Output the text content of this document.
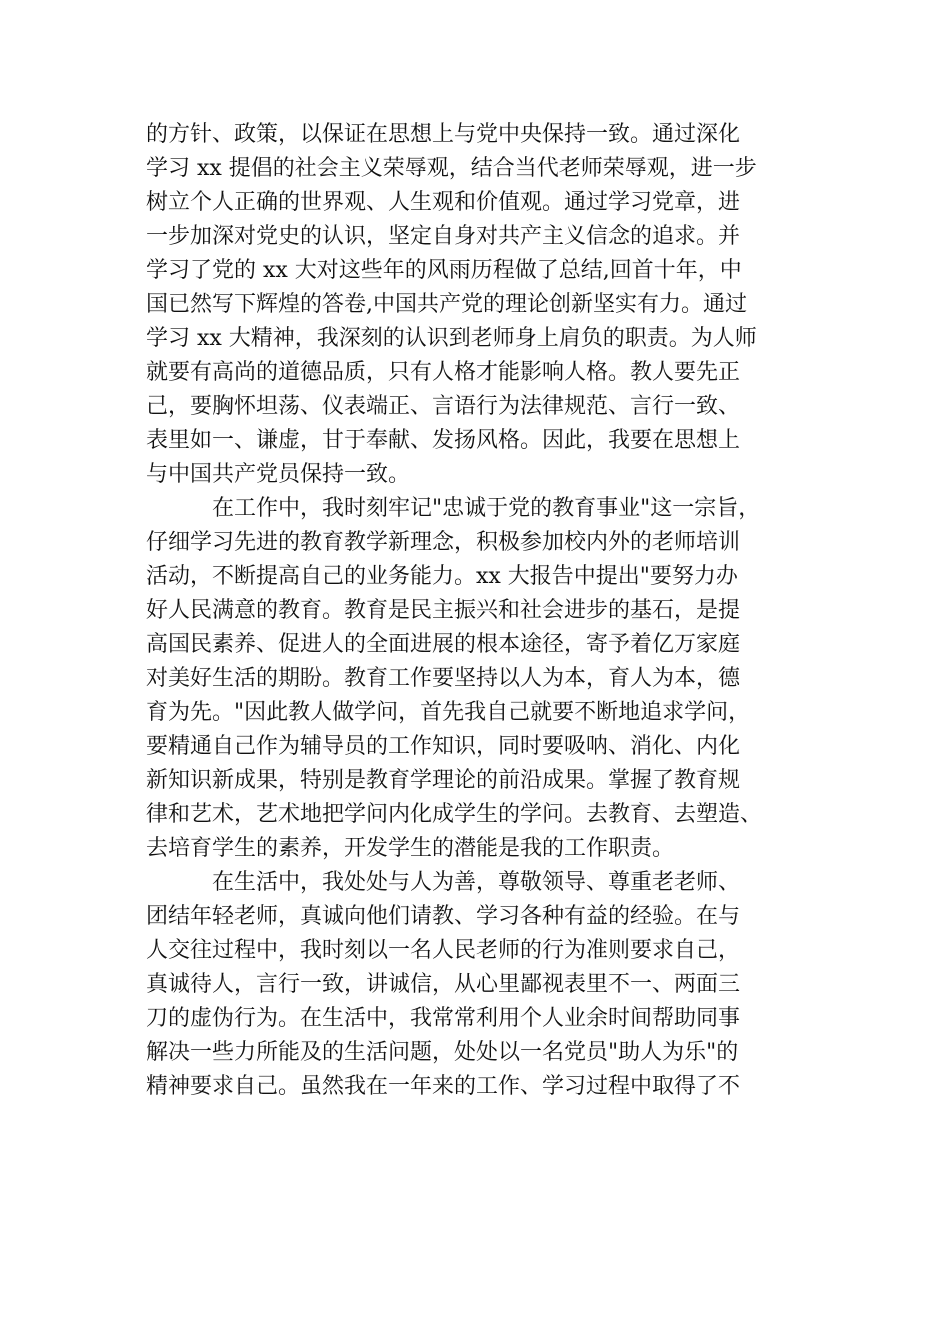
的方针、政策，以保证在思想上与党中央保持一致。通过深化
学习 xx 提倡的社会主义荣辱观，结合当代老师荣辱观，进一步
树立个人正确的世界观、人生观和价值观。通过学习党章，进
一步加深对党史的认识，坚定自身对共产主义信念的追求。并
学习了党的 xx 大对这些年的风雨历程做了总结,回首十年，中
国已然写下辉煌的答卷,中国共产党的理论创新坚实有力。通过
学习 xx 大精神，我深刻的认识到老师身上肩负的职责。为人师
就要有高尚的道德品质，只有人格才能影响人格。教人要先正
己，要胸怀坦荡、仪表端正、言语行为法律规范、言行一致、
表里如一、谦虚，甘于奉献、发扬风格。因此，我要在思想上
与中国共产党员保持一致。
在工作中，我时刻牢记"忠诚于党的教育事业"这一宗旨，
仔细学习先进的教育教学新理念，积极参加校内外的老师培训
活动，不断提高自己的业务能力。xx 大报告中提出"要努力办
好人民满意的教育。教育是民主振兴和社会进步的基石，是提
高国民素养、促进人的全面进展的根本途径，寄予着亿万家庭
对美好生活的期盼。教育工作要坚持以人为本，育人为本，德
育为先。"因此教人做学问，首先我自己就要不断地追求学问，
要精通自己作为辅导员的工作知识，同时要吸呐、消化、内化
新知识新成果，特别是教育学理论的前沿成果。掌握了教育规
律和艺术，艺术地把学问内化成学生的学问。去教育、去塑造、
去培育学生的素养，开发学生的潜能是我的工作职责。
在生活中，我处处与人为善，尊敬领导、尊重老老师、
团结年轻老师，真诚向他们请教、学习各种有益的经验。在与
人交往过程中，我时刻以一名人民老师的行为准则要求自己，
真诚待人，言行一致，讲诚信，从心里鄙视表里不一、两面三
刀的虚伪行为。在生活中，我常常利用个人业余时间帮助同事
解决一些力所能及的生活问题，处处以一名党员"助人为乐"的
精神要求自己。虽然我在一年来的工作、学习过程中取得了不
